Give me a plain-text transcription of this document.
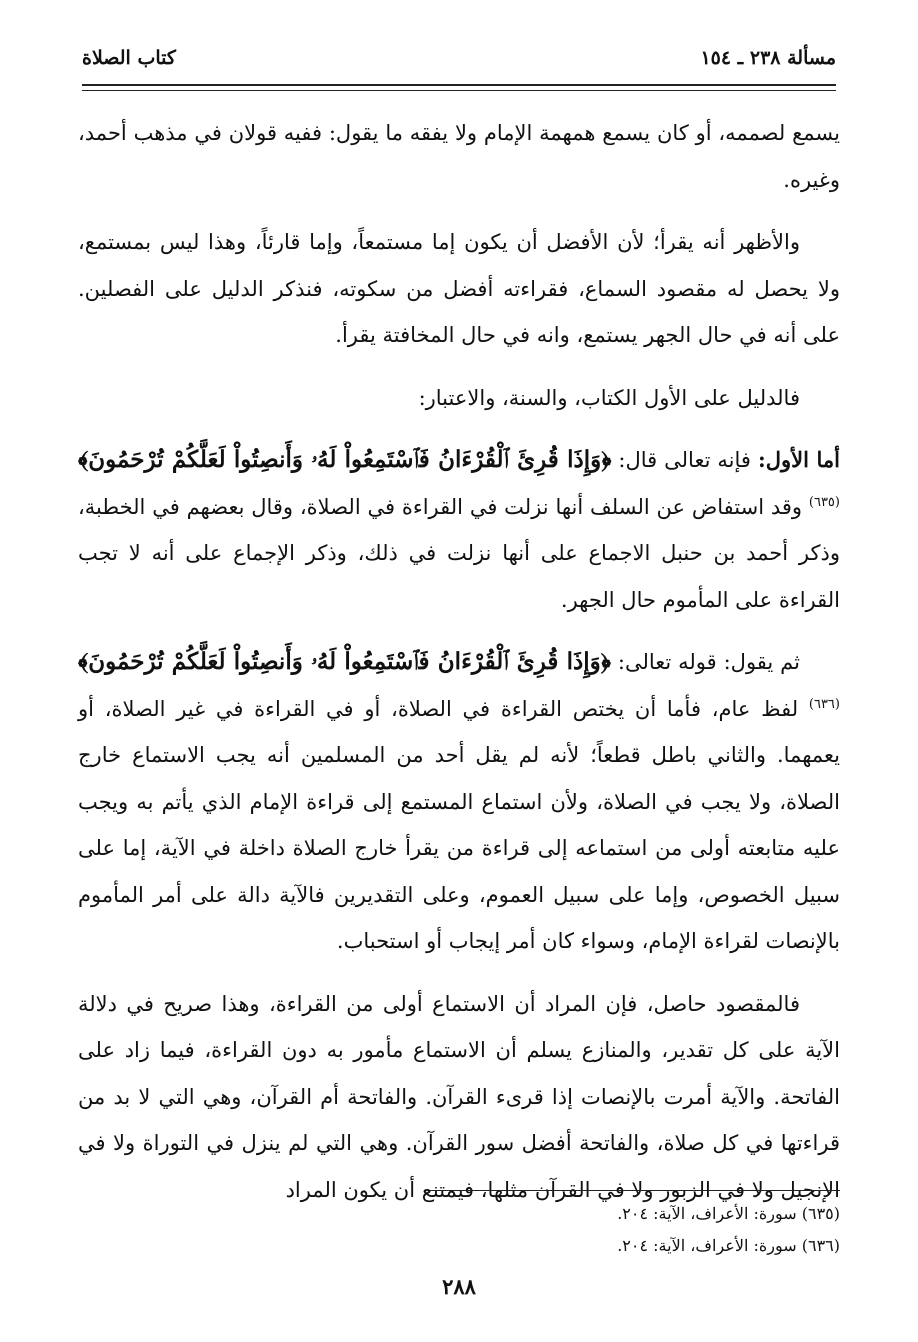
مسألة ٢٣٨ ـ ١٥٤
كتاب الصلاة

يسمع لصممه، أو كان يسمع همهمة الإمام ولا يفقه ما يقول: ففيه قولان في مذهب أحمد، وغيره.

والأظهر أنه يقرأ؛ لأن الأفضل أن يكون إما مستمعاً، وإما قارئاً، وهذا ليس بمستمع، ولا يحصل له مقصود السماع، فقراءته أفضل من سكوته، فنذكر الدليل على الفصلين. على أنه في حال الجهر يستمع، وانه في حال المخافتة يقرأ.

فالدليل على الأول الكتاب، والسنة، والاعتبار:

أما الأول: فإنه تعالى قال: ﴿وَإِذَا قُرِئَ ٱلْقُرْءَانُ فَٱسْتَمِعُواْ لَهُۥ وَأَنصِتُواْ لَعَلَّكُمْ تُرْحَمُونَ﴾$^{(٦٣٥)}$ وقد استفاض عن السلف أنها نزلت في القراءة في الصلاة، وقال بعضهم في الخطبة، وذكر أحمد بن حنبل الاجماع على أنها نزلت في ذلك، وذكر الإجماع على أنه لا تجب القراءة على المأموم حال الجهر.

ثم يقول: قوله تعالى: ﴿وَإِذَا قُرِئَ ٱلْقُرْءَانُ فَٱسْتَمِعُواْ لَهُۥ وَأَنصِتُواْ لَعَلَّكُمْ تُرْحَمُونَ﴾$^{(٦٣٦)}$ لفظ عام، فأما أن يختص القراءة في الصلاة، أو في القراءة في غير الصلاة، أو يعمهما. والثاني باطل قطعاً؛ لأنه لم يقل أحد من المسلمين أنه يجب الاستماع خارج الصلاة، ولا يجب في الصلاة، ولأن استماع المستمع إلى قراءة الإمام الذي يأتم به ويجب عليه متابعته أولى من استماعه إلى قراءة من يقرأ خارج الصلاة داخلة في الآية، إما على سبيل الخصوص، وإما على سبيل العموم، وعلى التقديرين فالآية دالة على أمر المأموم بالإنصات لقراءة الإمام، وسواء كان أمر إيجاب أو استحباب.

فالمقصود حاصل، فإن المراد أن الاستماع أولى من القراءة، وهذا صريح في دلالة الآية على كل تقدير، والمنازع يسلم أن الاستماع مأمور به دون القراءة، فيما زاد على الفاتحة. والآية أمرت بالإنصات إذا قرىء القرآن. والفاتحة أم القرآن، وهي التي لا بد من قراءتها في كل صلاة، والفاتحة أفضل سور القرآن. وهي التي لم ينزل في التوراة ولا في الإنجيل ولا في الزبور ولا في القرآن مثلها، فيمتنع أن يكون المراد

(٦٣٥) سورة: الأعراف، الآية: ٢٠٤.
(٦٣٦) سورة: الأعراف، الآية: ٢٠٤.
٢٨٨
